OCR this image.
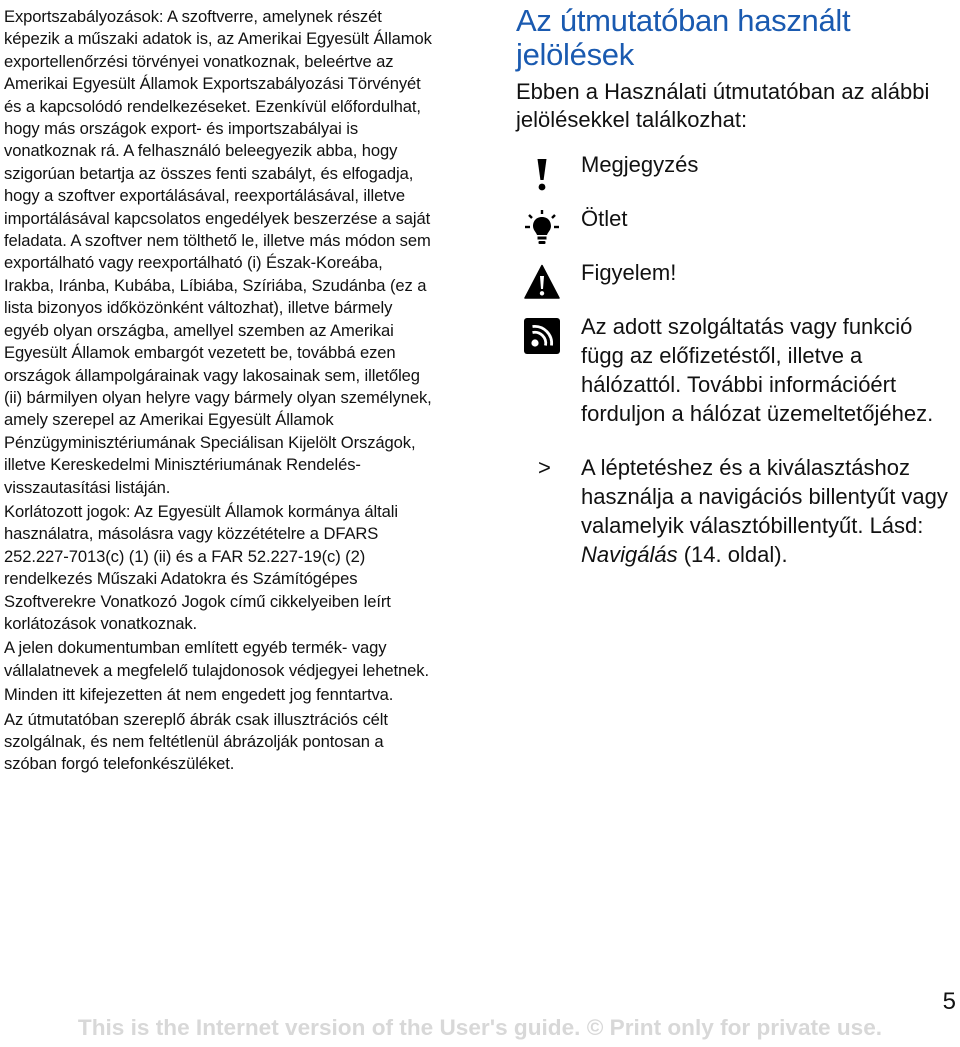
Exportszabályozások: A szoftverre, amelynek részét képezik a műszaki adatok is, az Amerikai Egyesült Államok exportellenőrzési törvényei vonatkoznak, beleértve az Amerikai Egyesült Államok Exportszabályozási Törvényét és a kapcsolódó rendelkezéseket. Ezenkívül előfordulhat, hogy más országok export- és importszabályai is vonatkoznak rá. A felhasználó beleegyezik abba, hogy szigorúan betartja az összes fenti szabályt, és elfogadja, hogy a szoftver exportálásával, reexportálásával, illetve importálásával kapcsolatos engedélyek beszerzése a saját feladata. A szoftver nem tölthető le, illetve más módon sem exportálható vagy reexportálható (i) Észak-Koreába, Irakba, Iránba, Kubába, Líbiába, Szíriába, Szudánba (ez a lista bizonyos időközönként változhat), illetve bármely egyéb olyan országba, amellyel szemben az Amerikai Egyesült Államok embargót vezetett be, továbbá ezen országok állampolgárainak vagy lakosainak sem, illetőleg (ii) bármilyen olyan helyre vagy bármely olyan személynek, amely szerepel az Amerikai Egyesült Államok Pénzügyminisztériumának Speciálisan Kijelölt Országok, illetve Kereskedelmi Minisztériumának Rendelés-visszautasítási listáján.

Korlátozott jogok: Az Egyesült Államok kormánya általi használatra, másolásra vagy közzétételre a DFARS 252.227-7013(c) (1) (ii) és a FAR 52.227-19(c) (2) rendelkezés Műszaki Adatokra és Számítógépes Szoftverekre Vonatkozó Jogok című cikkelyeiben leírt korlátozások vonatkoznak.

A jelen dokumentumban említett egyéb termék- vagy vállalatnevek a megfelelő tulajdonosok védjegyei lehetnek.

Minden itt kifejezetten át nem engedett jog fenntartva.

Az útmutatóban szereplő ábrák csak illusztrációs célt szolgálnak, és nem feltétlenül ábrázolják pontosan a szóban forgó telefonkészüléket.

Az útmutatóban használt jelölések

Ebben a Használati útmutatóban az alábbi jelölésekkel találkozhat:

Megjegyzés
Ötlet
Figyelem!
Az adott szolgáltatás vagy funkció függ az előfizetéstől, illetve a hálózattól. További információért forduljon a hálózat üzemeltetőjéhez.
> A léptetéshez és a kiválasztáshoz használja a navigációs billentyűt vagy valamelyik választóbillentyűt. Lásd: Navigálás (14. oldal).
5
This is the Internet version of the User's guide. © Print only for private use.
